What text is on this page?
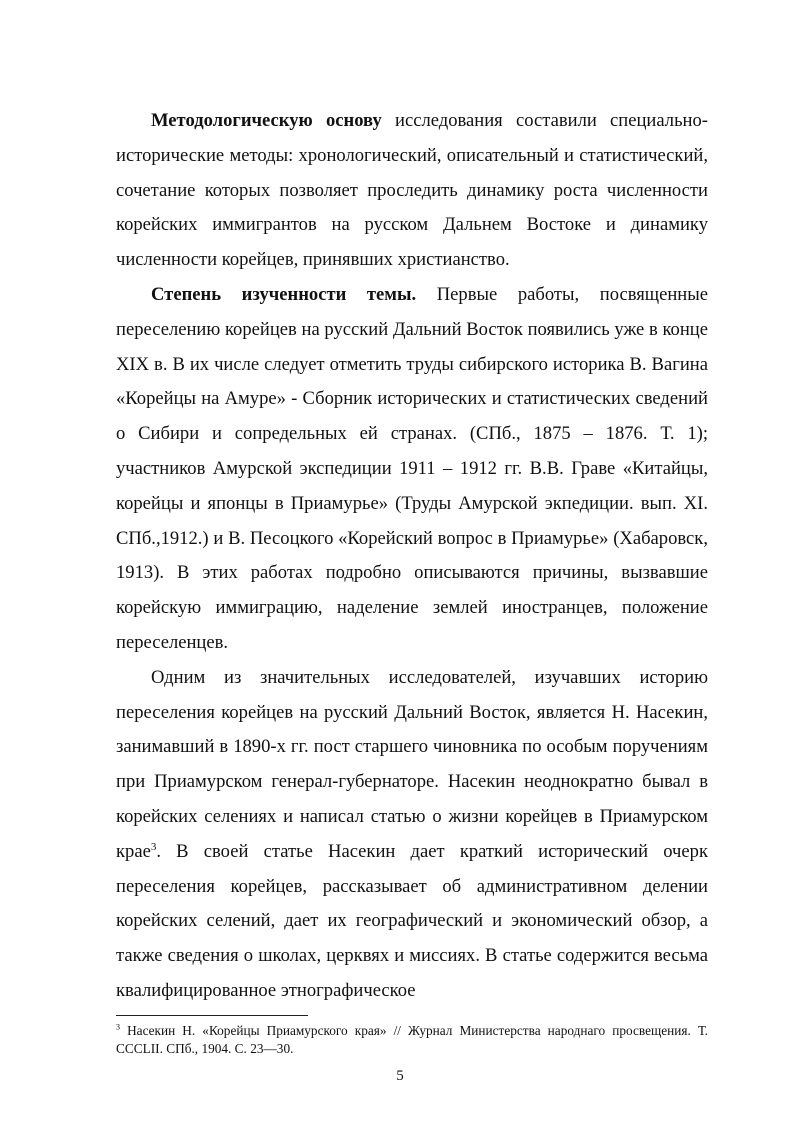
Методологическую основу исследования составили специально-исторические методы: хронологический, описательный и статистический, сочетание которых позволяет проследить динамику роста численности корейских иммигрантов на русском Дальнем Востоке и динамику численности корейцев, принявших христианство.

Степень изученности темы. Первые работы, посвященные переселению корейцев на русский Дальний Восток появились уже в конце XIX в. В их числе следует отметить труды сибирского историка В. Вагина «Корейцы на Амуре» - Сборник исторических и статистических сведений о Сибири и сопредельных ей странах. (СПб., 1875 – 1876. Т. 1); участников Амурской экспедиции 1911 – 1912 гг. В.В. Граве «Китайцы, корейцы и японцы в Приамурье» (Труды Амурской экпедиции. вып. XI. СПб.,1912.) и В. Песоцкого «Корейский вопрос в Приамурье» (Хабаровск, 1913). В этих работах подробно описываются причины, вызвавшие корейскую иммиграцию, наделение землей иностранцев, положение переселенцев.

Одним из значительных исследователей, изучавших историю переселения корейцев на русский Дальний Восток, является Н. Насекин, занимавший в 1890-х гг. пост старшего чиновника по особым поручениям при Приамурском генерал-губернаторе. Насекин неоднократно бывал в корейских селениях и написал статью о жизни корейцев в Приамурском крае$^3$. В своей статье Насекин дает краткий исторический очерк переселения корейцев, рассказывает об административном делении корейских селений, дает их географический и экономический обзор, а также сведения о школах, церквях и миссиях. В статье содержится весьма квалифицированное этнографическое

$^3$ Насекин Н. «Корейцы Приамурского края» // Журнал Министерства народнаго просвещения. Т. CCCLII. СПб., 1904. С. 23—30.

5
